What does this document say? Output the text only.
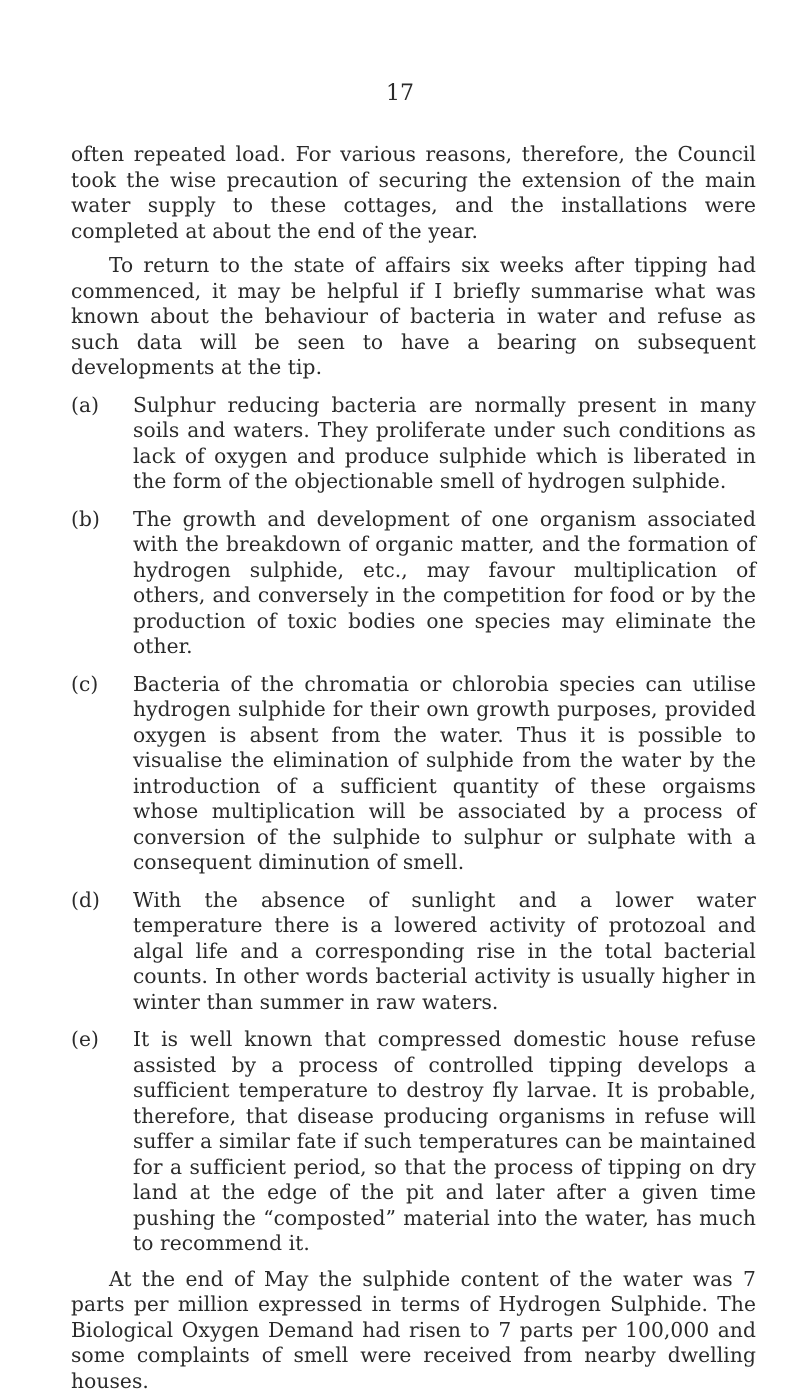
17

often repeated load. For various reasons, therefore, the Council took the wise precaution of securing the extension of the main water supply to these cottages, and the installations were completed at about the end of the year.

To return to the state of affairs six weeks after tipping had commenced, it may be helpful if I briefly summarise what was known about the behaviour of bacteria in water and refuse as such data will be seen to have a bearing on subsequent developments at the tip.

(a)	Sulphur reducing bacteria are normally present in many soils and waters. They proliferate under such conditions as lack of oxygen and produce sulphide which is liberated in the form of the objectionable smell of hydrogen sulphide.
(b)	The growth and development of one organism associated with the breakdown of organic matter, and the formation of hydrogen sulphide, etc., may favour multiplication of others, and conversely in the competition for food or by the production of toxic bodies one species may eliminate the other.
(c)	Bacteria of the chromatia or chlorobia species can utilise hydrogen sulphide for their own growth purposes, provided oxygen is absent from the water. Thus it is possible to visualise the elimination of sulphide from the water by the introduction of a sufficient quantity of these orgaisms whose multiplication will be associated by a process of conversion of the sulphide to sulphur or sulphate with a consequent diminution of smell.
(d)	With the absence of sunlight and a lower water temperature there is a lowered activity of protozoal and algal life and a corresponding rise in the total bacterial counts. In other words bacterial activity is usually higher in winter than summer in raw waters.
(e)	It is well known that compressed domestic house refuse assisted by a process of controlled tipping develops a sufficient temperature to destroy fly larvae. It is probable, therefore, that disease producing organisms in refuse will suffer a similar fate if such temperatures can be maintained for a sufficient period, so that the process of tipping on dry land at the edge of the pit and later after a given time pushing the “composted” material into the water, has much to recommend it.

At the end of May the sulphide content of the water was 7 parts per million expressed in terms of Hydrogen Sulphide. The Biological Oxygen Demand had risen to 7 parts per 100,000 and some complaints of smell were received from nearby dwelling houses.
